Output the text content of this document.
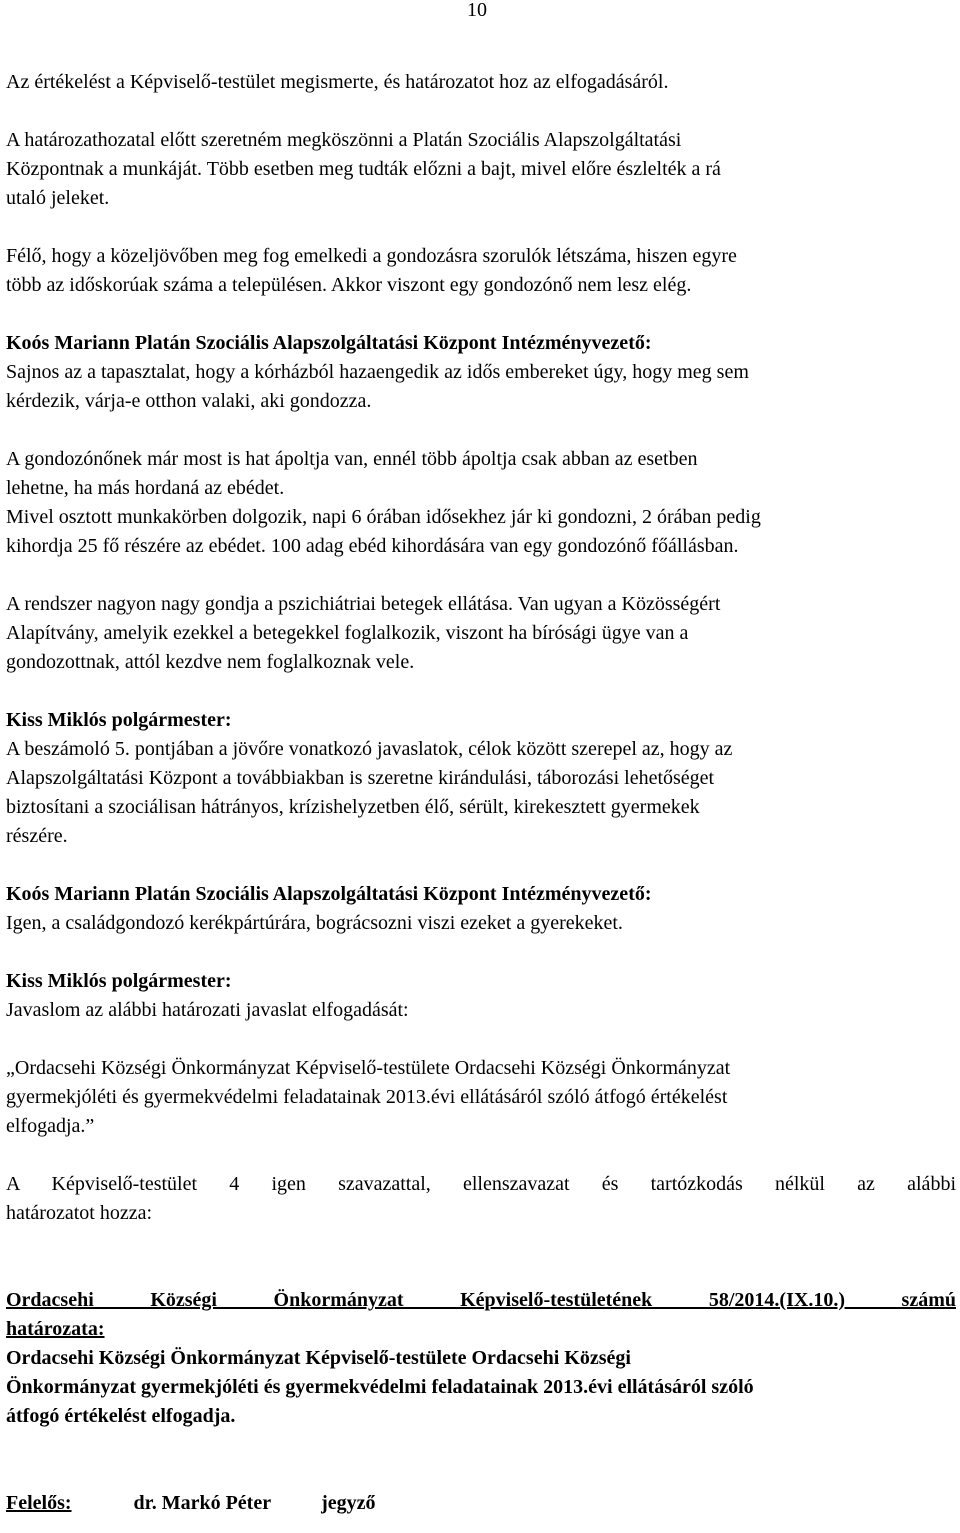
10

Az értékelést a Képviselő-testület megismerte, és határozatot hoz az elfogadásáról.

A határozathozatal előtt szeretném megköszönni a Platán Szociális Alapszolgáltatási

Központnak a munkáját. Több esetben meg tudták előzni a bajt, mivel előre észlelték a rá

utaló jeleket.

Félő, hogy a közeljövőben meg fog emelkedi a gondozásra szorulók létszáma, hiszen egyre

több az időskorúak száma a településen. Akkor viszont egy gondozónő nem lesz elég.

Koós Mariann Platán Szociális Alapszolgáltatási Központ Intézményvezető:

Sajnos az a tapasztalat, hogy a kórházból hazaengedik az idős embereket úgy, hogy meg sem

kérdezik, várja-e otthon valaki, aki gondozza.

A gondozónőnek már most is hat ápoltja van, ennél több ápoltja csak abban az esetben

lehetne, ha más hordaná az ebédet.

Mivel osztott munkakörben dolgozik, napi 6 órában idősekhez jár ki gondozni, 2 órában pedig

kihordja 25 fő részére az ebédet. 100 adag ebéd kihordására van egy gondozónő főállásban.

A rendszer nagyon nagy gondja a pszichiátriai betegek ellátása. Van ugyan a Közösségért

Alapítvány, amelyik ezekkel a betegekkel foglalkozik, viszont ha bírósági ügye van a

gondozottnak, attól kezdve nem foglalkoznak vele.

Kiss Miklós polgármester:

A beszámoló 5. pontjában a jövőre vonatkozó javaslatok, célok között szerepel az, hogy az

Alapszolgáltatási Központ a továbbiakban is szeretne kirándulási, táborozási lehetőséget

biztosítani a szociálisan hátrányos, krízishelyzetben élő, sérült, kirekesztett gyermekek

részére.

Koós Mariann Platán Szociális Alapszolgáltatási Központ Intézményvezető:

Igen, a családgondozó kerékpártúrára, bográcsozni viszi ezeket a gyerekeket.

Kiss Miklós polgármester:

Javaslom az alábbi határozati javaslat elfogadását:

„Ordacsehi Községi Önkormányzat Képviselő-testülete Ordacsehi Községi Önkormányzat

gyermekjóléti és gyermekvédelmi feladatainak 2013.évi ellátásáról szóló átfogó értékelést

elfogadja.”

A Képviselő-testület 4 igen szavazattal, ellenszavazat és tartózkodás nélkül az alábbi

határozatot hozza:

Ordacsehi Községi Önkormányzat Képviselő-testületének 58/2014.(IX.10.) számú

határozata:

Ordacsehi Községi Önkormányzat Képviselő-testülete Ordacsehi Községi

Önkormányzat gyermekjóléti és gyermekvédelmi feladatainak 2013.évi ellátásáról szóló

átfogó értékelést elfogadja.

Felelős:	dr. Markó Péter	jegyző
